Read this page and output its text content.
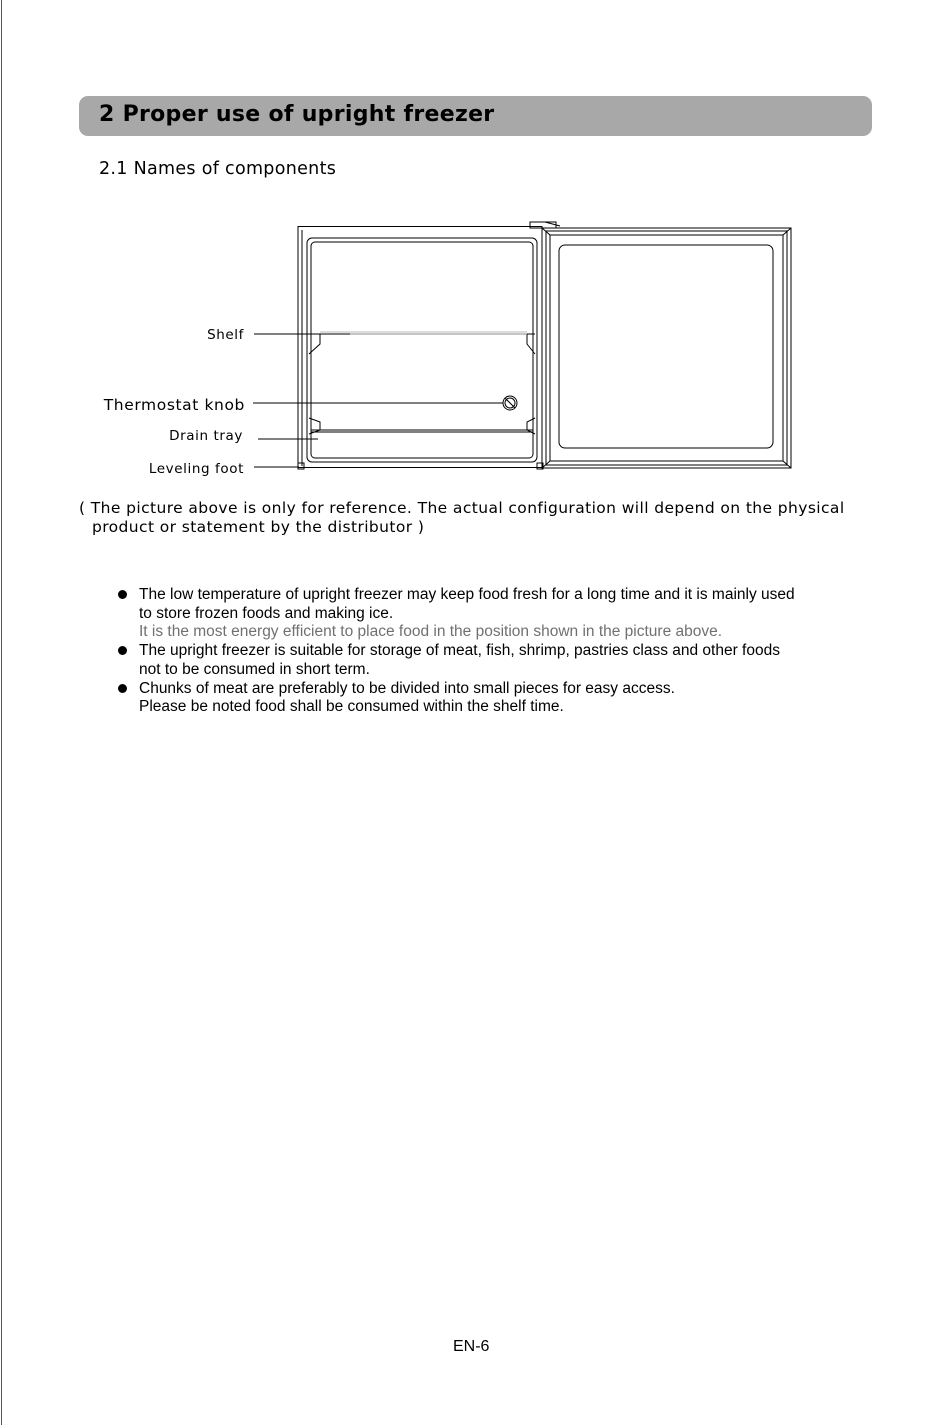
2 Proper use of upright freezer
2.1 Names of components
Shelf
Thermostat knob
Drain tray
Leveling foot

( The picture above is only for reference. The actual configuration will depend on the physical
product or statement by the distributor )

The low temperature of upright freezer may keep food fresh for a long time and it is mainly used
to store frozen foods and making ice.
It is the most energy efficient to place food in the position shown in the picture above.
The upright freezer is suitable for storage of meat, fish, shrimp, pastries class and other foods
not to be consumed in short term.
Chunks of meat are preferably to be divided into small pieces for easy access.
Please be noted food shall be consumed within the shelf time.
EN-6
